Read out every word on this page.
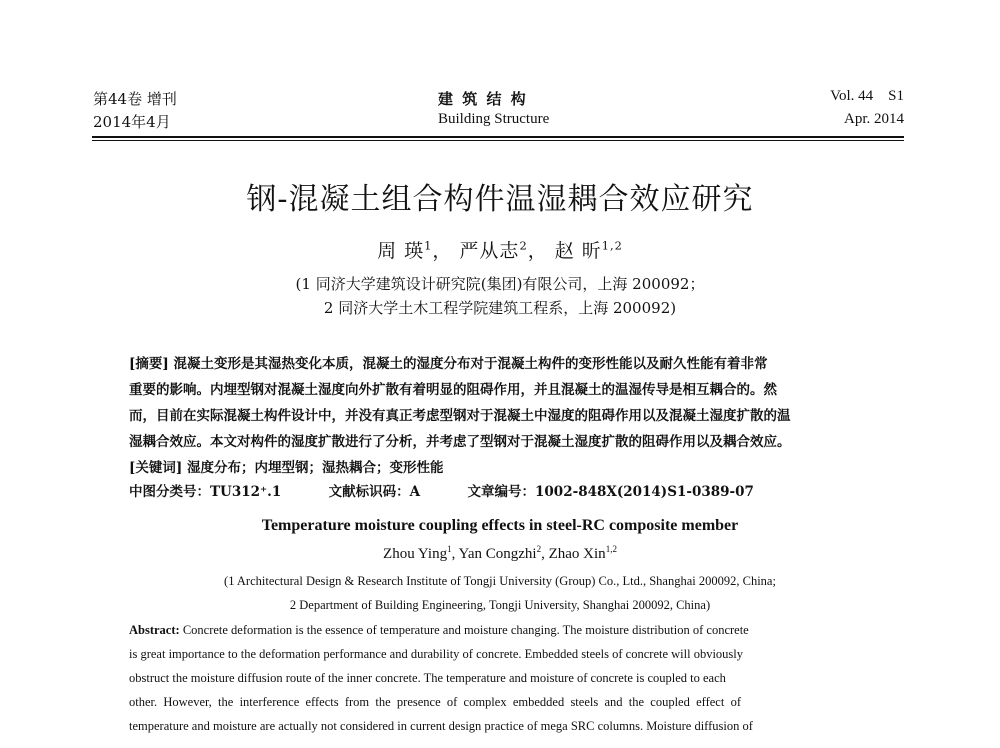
第44卷 增刊
2014年4月
建 筑 结 构
Building Structure
Vol. 44    S1
Apr. 2014
钢-混凝土组合构件温湿耦合效应研究
周 瑛$^1$， 严从志$^2$， 赵 昕$^{1,2}$
(1 同济大学建筑设计研究院(集团)有限公司，上海 200092；
2 同济大学土木工程学院建筑工程系，上海 200092)
[摘要] 混凝土变形是其湿热变化本质，混凝土的湿度分布对于混凝土构件的变形性能以及耐久性能有着非常
重要的影响。内埋型钢对混凝土湿度向外扩散有着明显的阻碍作用，并且混凝土的温湿传导是相互耦合的。然
而，目前在实际混凝土构件设计中，并没有真正考虑型钢对于混凝土中湿度的阻碍作用以及混凝土湿度扩散的温
湿耦合效应。本文对构件的湿度扩散进行了分析，并考虑了型钢对于混凝土湿度扩散的阻碍作用以及耦合效应。
[关键词] 湿度分布；内埋型钢；湿热耦合；变形性能
中图分类号：TU312⁺.1	文献标识码：A	文章编号：1002-848X(2014)S1-0389-07
Temperature moisture coupling effects in steel-RC composite member
Zhou Ying$^1$, Yan Congzhi$^2$, Zhao Xin$^{1,2}$
(1 Architectural Design & Research Institute of Tongji University (Group) Co., Ltd., Shanghai 200092, China;
2 Department of Building Engineering, Tongji University, Shanghai 200092, China)
Abstract: Concrete deformation is the essence of temperature and moisture changing. The moisture distribution of concrete
is great importance to the deformation performance and durability of concrete. Embedded steels of concrete will obviously
obstruct the moisture diffusion route of the inner concrete. The temperature and moisture of concrete is coupled to each
other.  However,  the  interference  effects  from  the  presence  of  complex  embedded  steels  and  the  coupled  effect  of
temperature and moisture are actually not considered in current design practice of mega SRC columns. Moisture diffusion of
